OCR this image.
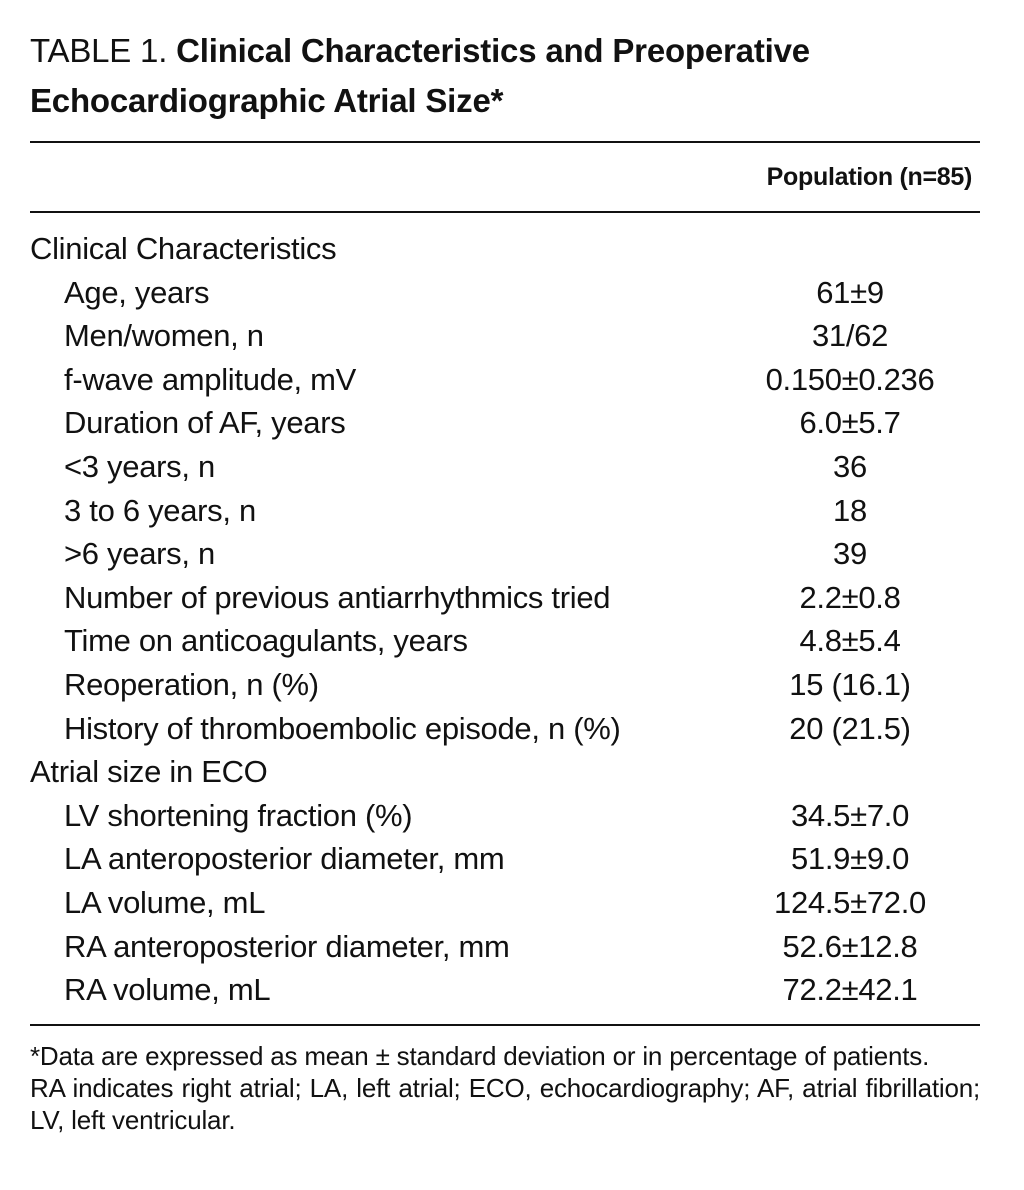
TABLE 1. Clinical Characteristics and Preoperative Echocardiographic Atrial Size*
Population (n=85)
Clinical Characteristics
Age, years	61±9
Men/women, n	31/62
f-wave amplitude, mV	0.150±0.236
Duration of AF, years	6.0±5.7
<3 years, n	36
3 to 6 years, n	18
>6 years, n	39
Number of previous antiarrhythmics tried	2.2±0.8
Time on anticoagulants, years	4.8±5.4
Reoperation, n (%)	15 (16.1)
History of thromboembolic episode, n (%)	20 (21.5)
Atrial size in ECO
LV shortening fraction (%)	34.5±7.0
LA anteroposterior diameter, mm	51.9±9.0
LA volume, mL	124.5±72.0
RA anteroposterior diameter, mm	52.6±12.8
RA volume, mL	72.2±42.1

*Data are expressed as mean ± standard deviation or in percentage of patients.

RA indicates right atrial; LA, left atrial; ECO, echocardiography; AF, atrial fibrillation; LV, left ventricular.
